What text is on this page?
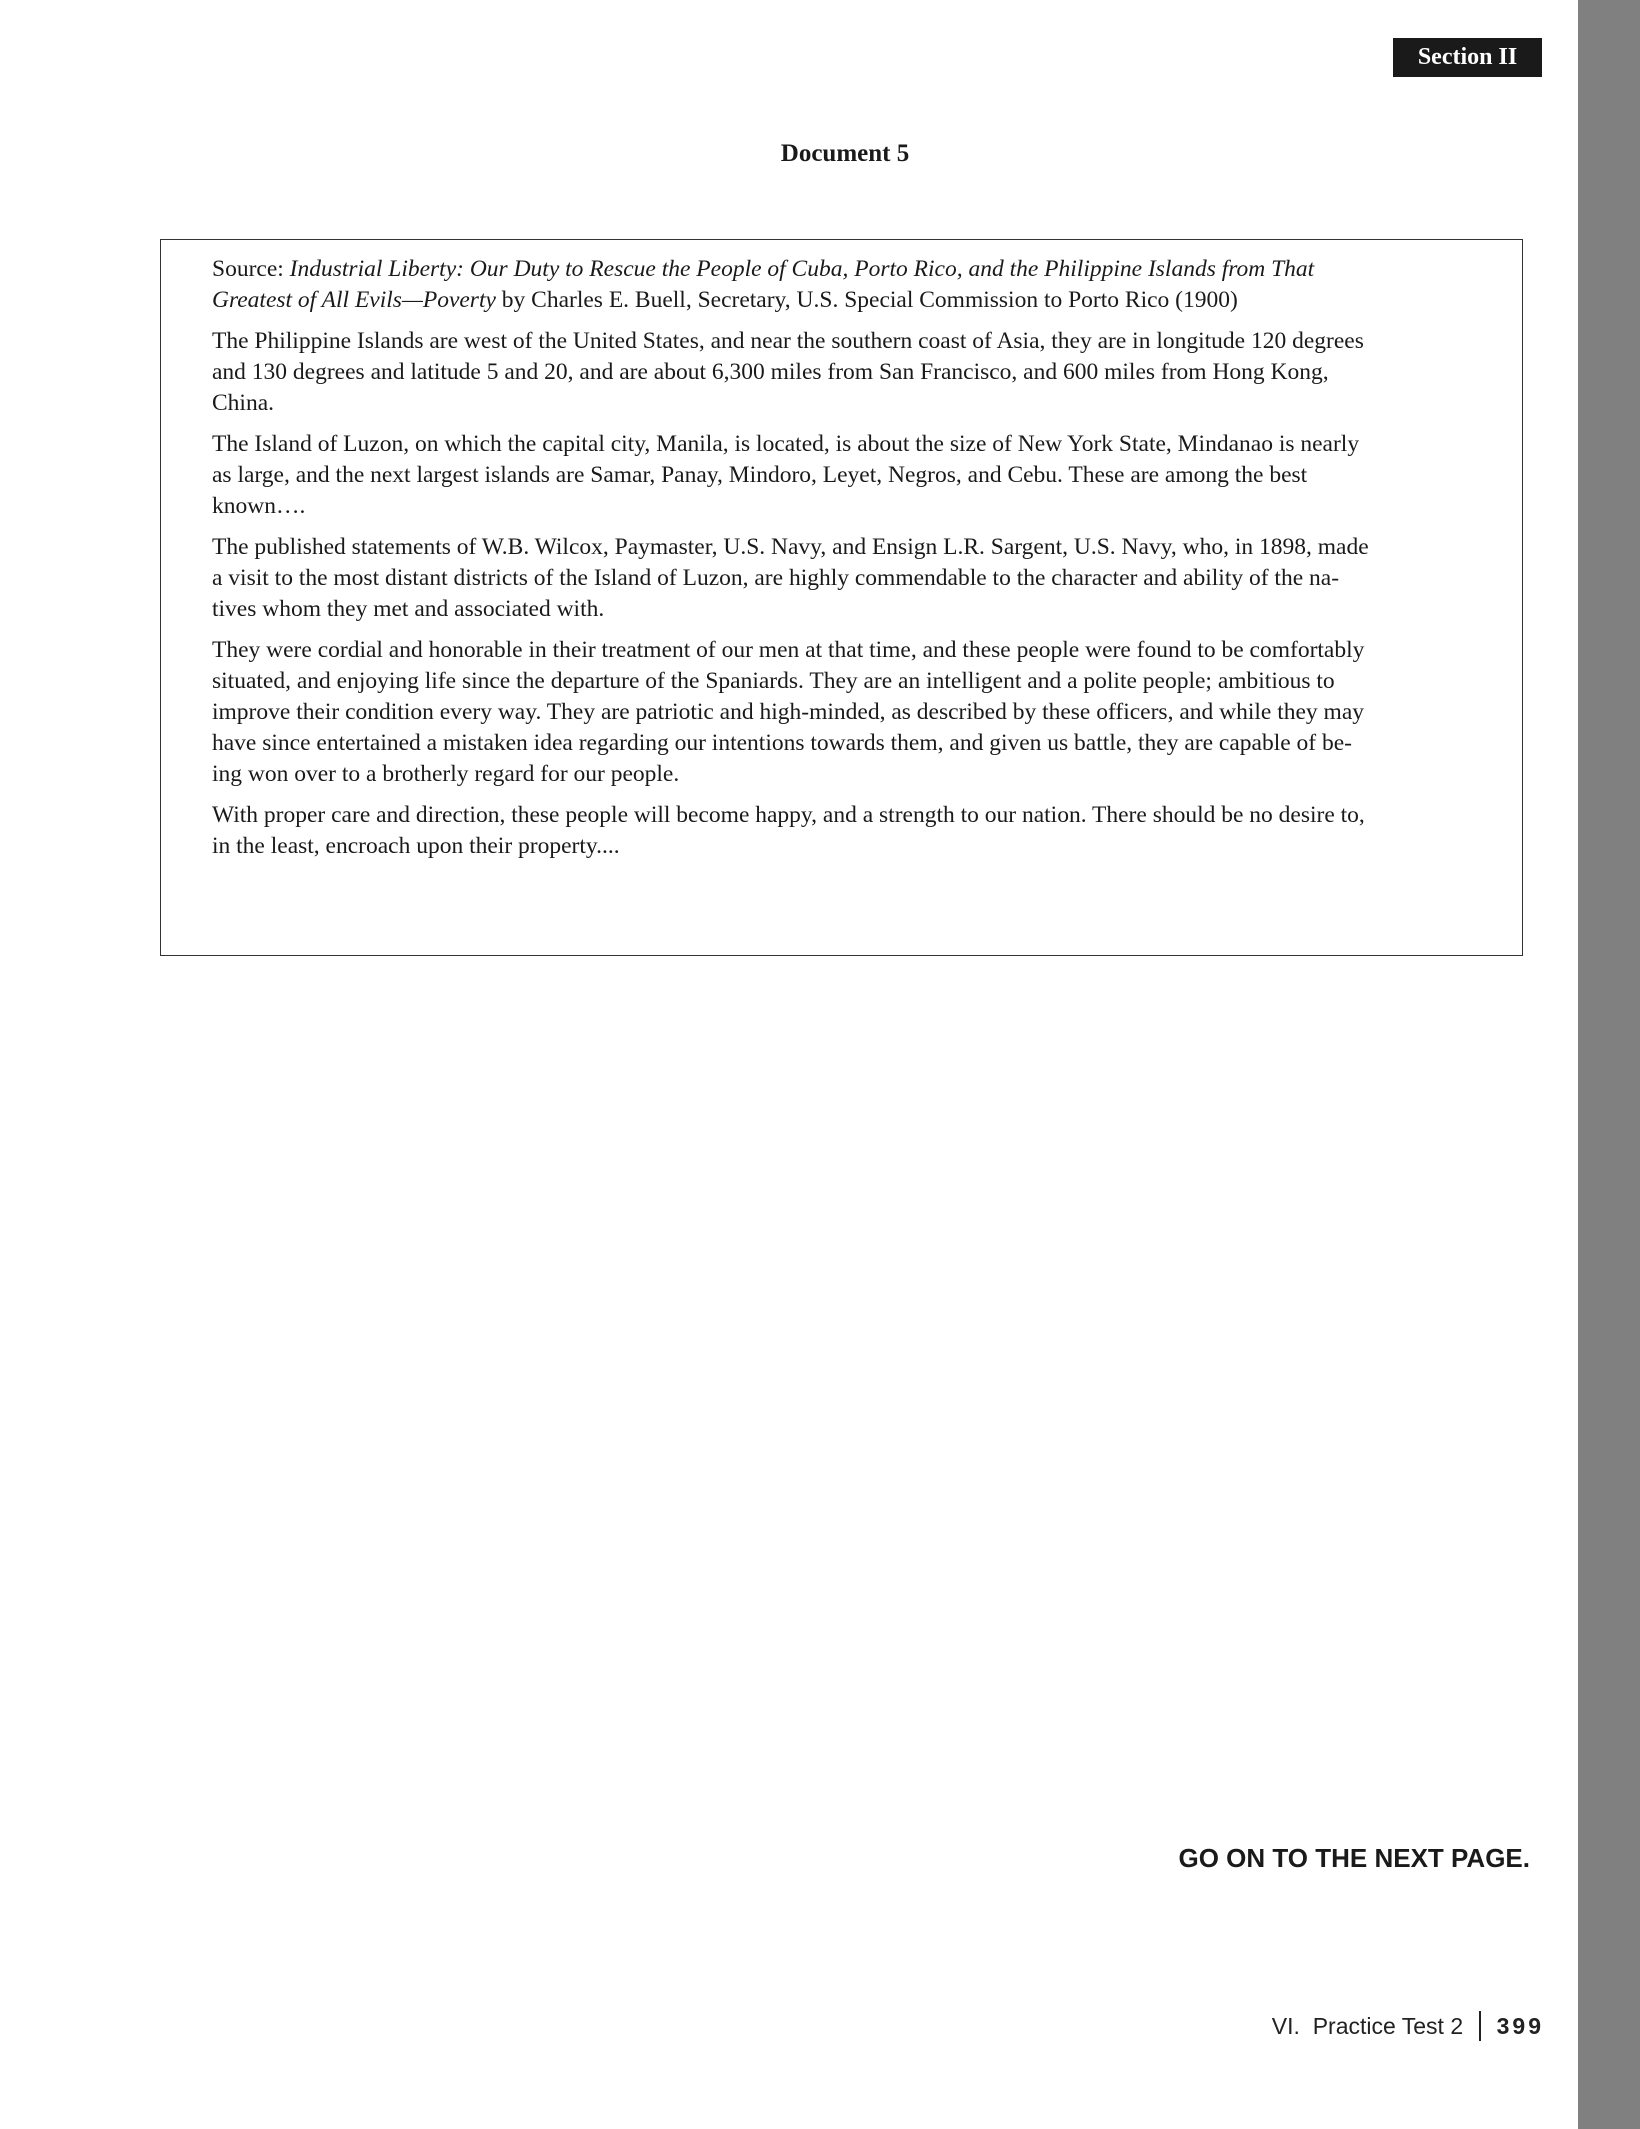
Section II
Document 5
Source: Industrial Liberty: Our Duty to Rescue the People of Cuba, Porto Rico, and the Philippine Islands from That
Greatest of All Evils—Poverty by Charles E. Buell, Secretary, U.S. Special Commission to Porto Rico (1900)
The Philippine Islands are west of the United States, and near the southern coast of Asia, they are in longitude 120 degrees
and 130 degrees and latitude 5 and 20, and are about 6,300 miles from San Francisco, and 600 miles from Hong Kong,
China.
The Island of Luzon, on which the capital city, Manila, is located, is about the size of New York State, Mindanao is nearly
as large, and the next largest islands are Samar, Panay, Mindoro, Leyet, Negros, and Cebu. These are among the best
known….
The published statements of W.B. Wilcox, Paymaster, U.S. Navy, and Ensign L.R. Sargent, U.S. Navy, who, in 1898, made
a visit to the most distant districts of the Island of Luzon, are highly commendable to the character and ability of the na-
tives whom they met and associated with.
They were cordial and honorable in their treatment of our men at that time, and these people were found to be comfortably
situated, and enjoying life since the departure of the Spaniards. They are an intelligent and a polite people; ambitious to
improve their condition every way. They are patriotic and high-minded, as described by these officers, and while they may
have since entertained a mistaken idea regarding our intentions towards them, and given us battle, they are capable of be-
ing won over to a brotherly regard for our people.
With proper care and direction, these people will become happy, and a strength to our nation. There should be no desire to,
in the least, encroach upon their property....
GO ON TO THE NEXT PAGE.
VI.  Practice Test 2 399
